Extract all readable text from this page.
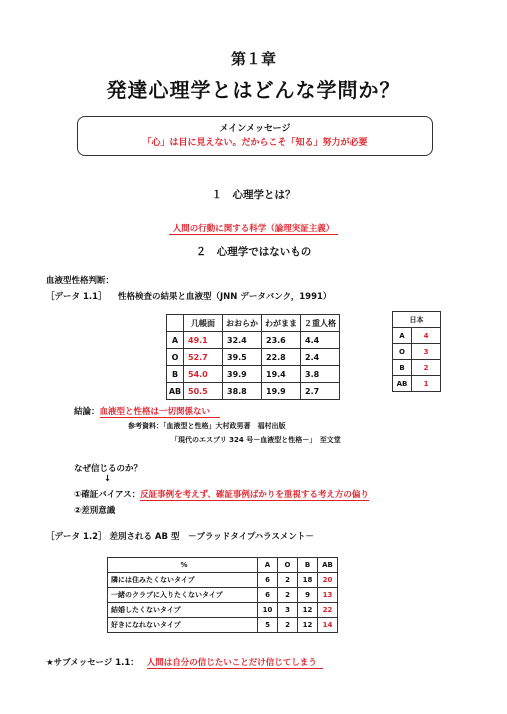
第１章
発達心理学とはどんな学問か？
メインメッセージ
「心」は目に見えない。だからこそ「知る」努力が必要
１　心理学とは？
人間の行動に関する科学（論理実証主義）
２　心理学ではないもの
血液型性格判断：
［データ 1.1］ 性格検査の結果と血液型（JNN データバンク，1991）
	几帳面	おおらか	わがまま	２重人格
A	49.1	32.4	23.6	4.4
O	52.7	39.5	22.8	2.4
B	54.0	39.9	19.4	3.8
AB	50.5	38.8	19.9	2.7
日本	
A	4
O	3
B	2
AB	1
結論：血液型と性格は一切関係ない
参考資料：「血液型と性格」大村政男著　福村出版
「現代のエスプリ 324 号－血液型と性格－」　至文堂
なぜ信じるのか？
↓
①確証バイアス：反証事例を考えず、確証事例ばかりを重視する考え方の偏り
②差別意識
［データ 1.2］ 差別される AB 型　－ブラッドタイプハラスメント－
%	A	O	B	AB
隣には住みたくないタイプ	6	2	18	20
一緒のクラブに入りたくないタイプ	6	2	9	13
結婚したくないタイプ	10	3	12	22
好きになれないタイプ	5	2	12	14
★サブメッセージ 1.1： 人間は自分の信じたいことだけ信じてしまう
